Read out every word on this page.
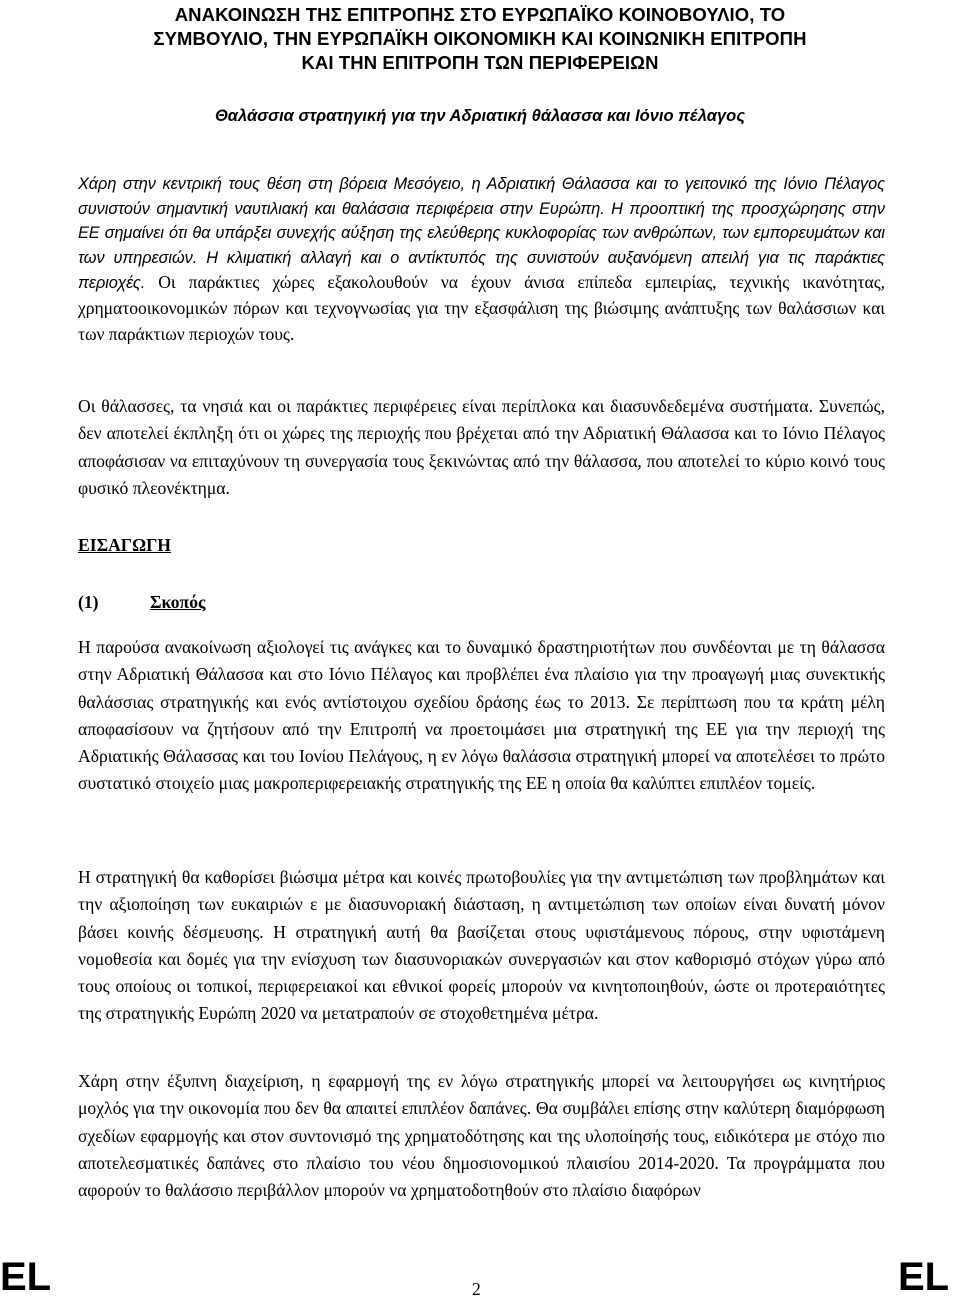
ΑΝΑΚΟΙΝΩΣΗ ΤΗΣ ΕΠΙΤΡΟΠΗΣ ΣΤΟ ΕΥΡΩΠΑΪΚΟ ΚΟΙΝΟΒΟΥΛΙΟ, ΤΟ
ΣΥΜΒΟΥΛΙΟ, ΤΗΝ ΕΥΡΩΠΑΪΚΗ ΟΙΚΟΝΟΜΙΚΗ ΚΑΙ ΚΟΙΝΩΝΙΚΗ ΕΠΙΤΡΟΠΗ
ΚΑΙ ΤΗΝ ΕΠΙΤΡΟΠΗ ΤΩΝ ΠΕΡΙΦΕΡΕΙΩΝ
Θαλάσσια στρατηγική για την Αδριατική θάλασσα και Ιόνιο πέλαγος
Χάρη στην κεντρική τους θέση στη βόρεια Μεσόγειο, η Αδριατική Θάλασσα και το γειτονικό της Ιόνιο Πέλαγος συνιστούν σημαντική ναυτιλιακή και θαλάσσια περιφέρεια στην Ευρώπη. Η προοπτική της προσχώρησης στην ΕΕ σημαίνει ότι θα υπάρξει συνεχής αύξηση της ελεύθερης κυκλοφορίας των ανθρώπων, των εμπορευμάτων και των υπηρεσιών. Η κλιματική αλλαγή και ο αντίκτυπός της συνιστούν αυξανόμενη απειλή για τις παράκτιες περιοχές. Οι παράκτιες χώρες εξακολουθούν να έχουν άνισα επίπεδα εμπειρίας, τεχνικής ικανότητας, χρηματοοικονομικών πόρων και τεχνογνωσίας για την εξασφάλιση της βιώσιμης ανάπτυξης των θαλάσσιων και των παράκτιων περιοχών τους.
Οι θάλασσες, τα νησιά και οι παράκτιες περιφέρειες είναι περίπλοκα και διασυνδεδεμένα συστήματα. Συνεπώς, δεν αποτελεί έκπληξη ότι οι χώρες της περιοχής που βρέχεται από την Αδριατική Θάλασσα και το Ιόνιο Πέλαγος αποφάσισαν να επιταχύνουν τη συνεργασία τους ξεκινώντας από την θάλασσα, που αποτελεί το κύριο κοινό τους φυσικό πλεονέκτημα.
ΕΙΣΑΓΩΓΗ
(1)	Σκοπός
Η παρούσα ανακοίνωση αξιολογεί τις ανάγκες και το δυναμικό δραστηριοτήτων που συνδέονται με τη θάλασσα στην Αδριατική Θάλασσα και στο Ιόνιο Πέλαγος και προβλέπει ένα πλαίσιο για την προαγωγή μιας συνεκτικής θαλάσσιας στρατηγικής και ενός αντίστοιχου σχεδίου δράσης έως το 2013. Σε περίπτωση που τα κράτη μέλη αποφασίσουν να ζητήσουν από την Επιτροπή να προετοιμάσει μια στρατηγική της ΕΕ για την περιοχή της Αδριατικής Θάλασσας και του Ιονίου Πελάγους, η εν λόγω θαλάσσια στρατηγική μπορεί να αποτελέσει το πρώτο συστατικό στοιχείο μιας μακροπεριφερειακής στρατηγικής της ΕΕ η οποία θα καλύπτει επιπλέον τομείς.
Η στρατηγική θα καθορίσει βιώσιμα μέτρα και κοινές πρωτοβουλίες για την αντιμετώπιση των προβλημάτων και την αξιοποίηση των ευκαιριών ε με διασυνοριακή διάσταση, η αντιμετώπιση των οποίων είναι δυνατή μόνον βάσει κοινής δέσμευσης. Η στρατηγική αυτή θα βασίζεται στους υφιστάμενους πόρους, στην υφιστάμενη νομοθεσία και δομές για την ενίσχυση των διασυνοριακών συνεργασιών και στον καθορισμό στόχων γύρω από τους οποίους οι τοπικοί, περιφερειακοί και εθνικοί φορείς μπορούν να κινητοποιηθούν, ώστε οι προτεραιότητες της στρατηγικής Ευρώπη 2020 να μετατραπούν σε στοχοθετημένα μέτρα.
Χάρη στην έξυπνη διαχείριση, η εφαρμογή της εν λόγω στρατηγικής μπορεί να λειτουργήσει ως κινητήριος μοχλός για την οικονομία που δεν θα απαιτεί επιπλέον δαπάνες. Θα συμβάλει επίσης στην καλύτερη διαμόρφωση σχεδίων εφαρμογής και στον συντονισμό της χρηματοδότησης και της υλοποίησής τους, ειδικότερα με στόχο πιο αποτελεσματικές δαπάνες στο πλαίσιο του νέου δημοσιονομικού πλαισίου 2014-2020. Τα προγράμματα που αφορούν το θαλάσσιο περιβάλλον μπορούν να χρηματοδοτηθούν στο πλαίσιο διαφόρων
EL	2	EL
